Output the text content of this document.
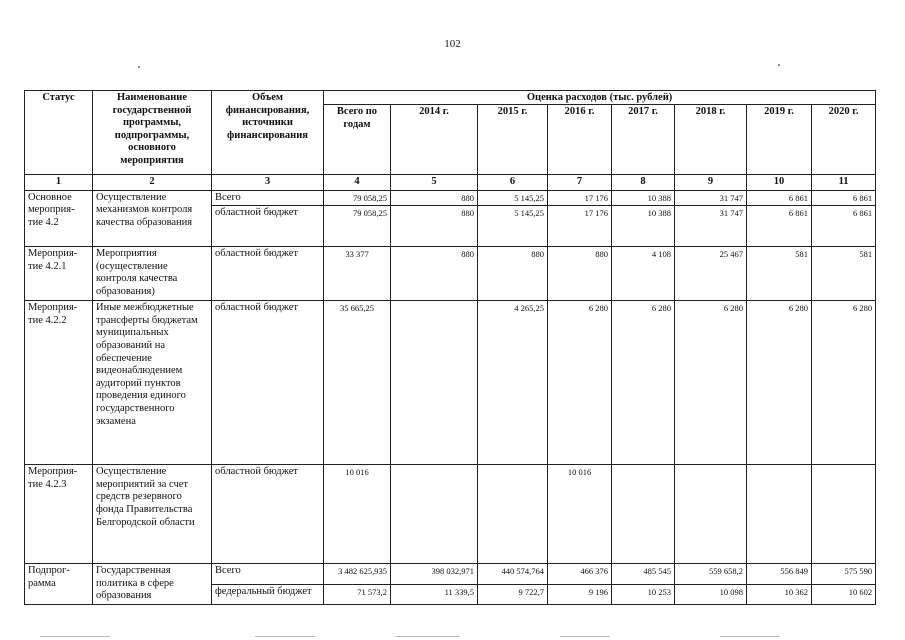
102
Статус	Наименование государственной программы, подпрограммы, основного мероприятия	Объем финансирования, источники финансирования	Оценка расходов (тыс. рублей)							
			Всего по годам	2014 г.	2015 г.	2016 г.	2017 г.	2018 г.	2019 г.	2020 г.
1	2	3	4	5	6	7	8	9	10	11
Основное мероприя-тие 4.2	Осуществление механизмов контроля качества образования	Всего	79 058,25	880	5 145,25	17 176	10 388	31 747	6 861	6 861
		областной бюджет	79 058,25	880	5 145,25	17 176	10 388	31 747	6 861	6 861
Мероприя-тие 4.2.1	Мероприятия (осуществление контроля качества образования)	областной бюджет	33 377	880	880	880	4 108	25 467	581	581
Мероприя-тие 4.2.2	Иные межбюджетные трансферты бюджетам муниципальных образований на обеспечение видеонаблюдением аудиторий пунктов проведения единого государственного экзамена	областной бюджет	35 665,25		4 265,25	6 280	6 280	6 280	6 280	6 280
Мероприя-тие 4.2.3	Осуществление мероприятий за счет средств резервного фонда Правительства Белгородской области	областной бюджет	10 016			10 016				
Подпрог-рамма	Государственная политика в сфере образования	Всего	3 482 625,935	398 032,971	440 574,764	466 376	485 545	559 658,2	556 849	575 590
		федеральный бюджет	71 573,2	11 339,5	9 722,7	9 196	10 253	10 098	10 362	10 602
